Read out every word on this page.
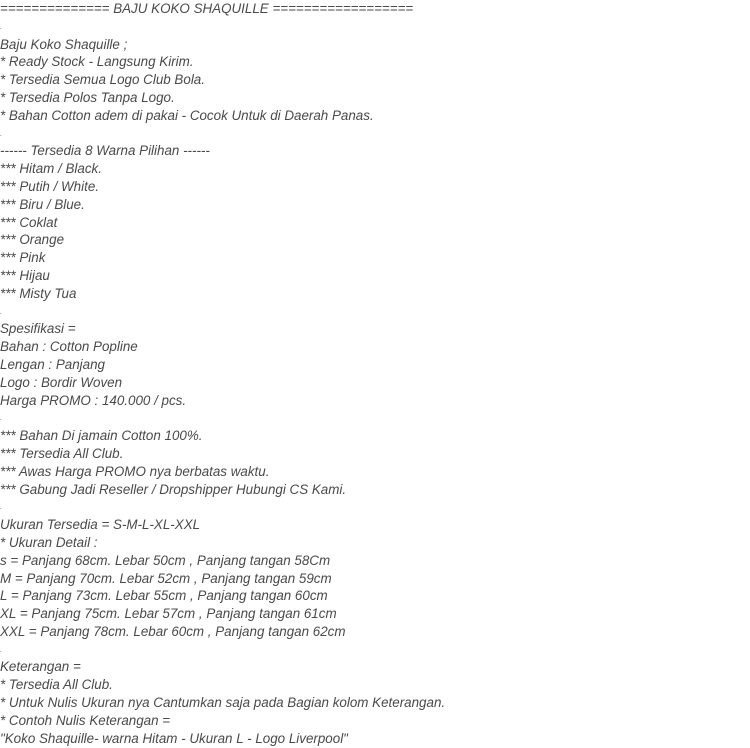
============== BAJU KOKO SHAQUILLE ==================

.

Baju Koko Shaquille ;

* Ready Stock - Langsung Kirim.

* Tersedia Semua Logo Club Bola.

* Tersedia Polos Tanpa Logo.

* Bahan Cotton adem di pakai - Cocok Untuk di Daerah Panas.

.

------ Tersedia 8 Warna Pilihan ------

*** Hitam / Black.

*** Putih / White.

*** Biru / Blue.

*** Coklat

*** Orange

*** Pink

*** Hijau

*** Misty Tua

.

Spesifikasi =

Bahan : Cotton Popline

Lengan : Panjang

Logo : Bordir Woven

Harga PROMO : 140.000 / pcs.

.

*** Bahan Di jamain Cotton 100%.

*** Tersedia All Club.

*** Awas Harga PROMO nya berbatas waktu.

*** Gabung Jadi Reseller / Dropshipper Hubungi CS Kami.

.

Ukuran Tersedia = S-M-L-XL-XXL

* Ukuran Detail :

s = Panjang 68cm. Lebar 50cm , Panjang tangan 58Cm

M = Panjang 70cm. Lebar 52cm , Panjang tangan 59cm

L = Panjang 73cm. Lebar 55cm , Panjang tangan 60cm

XL = Panjang 75cm. Lebar 57cm , Panjang tangan 61cm

XXL = Panjang 78cm. Lebar 60cm , Panjang tangan 62cm

.

Keterangan =

* Tersedia All Club.

* Untuk Nulis Ukuran nya Cantumkan saja pada Bagian kolom Keterangan.

* Contoh Nulis Keterangan =

"Koko Shaquille- warna Hitam - Ukuran L - Logo Liverpool"
